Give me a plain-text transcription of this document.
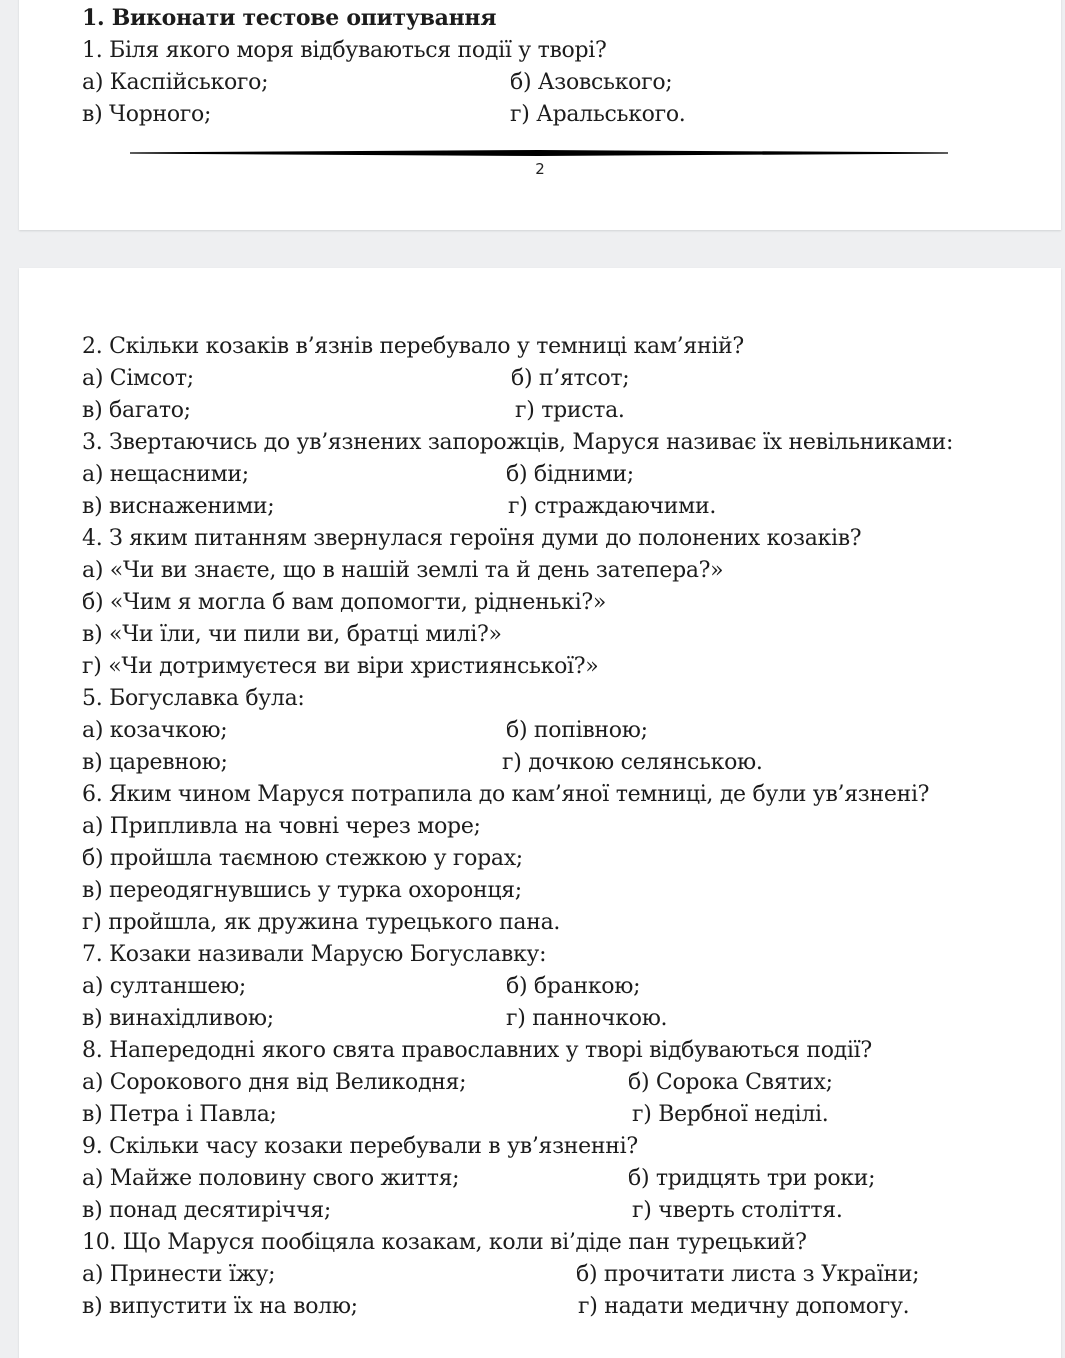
1. Виконати тестове опитування
1. Біля якого моря відбуваються події у творі?
а) Каспійського;	б) Азовського;
в) Чорного;	г) Аральського.
2
2. Скільки козаків в’язнів перебувало у темниці кам’яній?
а) Сімсот;	б) п’ятсот;
в) багато;	г) триста.
3. Звертаючись до ув’язнених запорожців, Маруся називає їх невільниками:
а) нещасними;	б) бідними;
в) виснаженими;	г) страждаючими.
4. З яким питанням звернулася героїня думи до полонених козаків?
а) «Чи ви знаєте, що в нашій землі та й день затепера?»
б) «Чим я могла б вам допомогти, рідненькі?»
в) «Чи їли, чи пили ви, братці милі?»
г) «Чи дотримуєтеся ви віри християнської?»
5. Богуславка була:
а) козачкою;	б) попівною;
в) царевною;	г) дочкою селянською.
6. Яким чином Маруся потрапила до кам’яної темниці, де були ув’язнені?
а) Припливла на човні через море;
б) пройшла таємною стежкою у горах;
в) переодягнувшись у турка охоронця;
г) пройшла, як дружина турецького пана.
7. Козаки називали Марусю Богуславку:
а) султаншею;	б) бранкою;
в) винахідливою;	г) панночкою.
8. Напередодні якого свята православних у творі відбуваються події?
а) Сорокового дня від Великодня;	б) Сорока Святих;
в) Петра і Павла;	г) Вербної неділі.
9. Скільки часу козаки перебували в ув’язненні?
а) Майже половину свого життя;	б) тридцять три роки;
в) понад десятиріччя;	г) чверть століття.
10. Що Маруся пообіцяла козакам, коли ві’діде пан турецький?
а) Принести їжу;	б) прочитати листа з України;
в) випустити їх на волю;	г) надати медичну допомогу.
